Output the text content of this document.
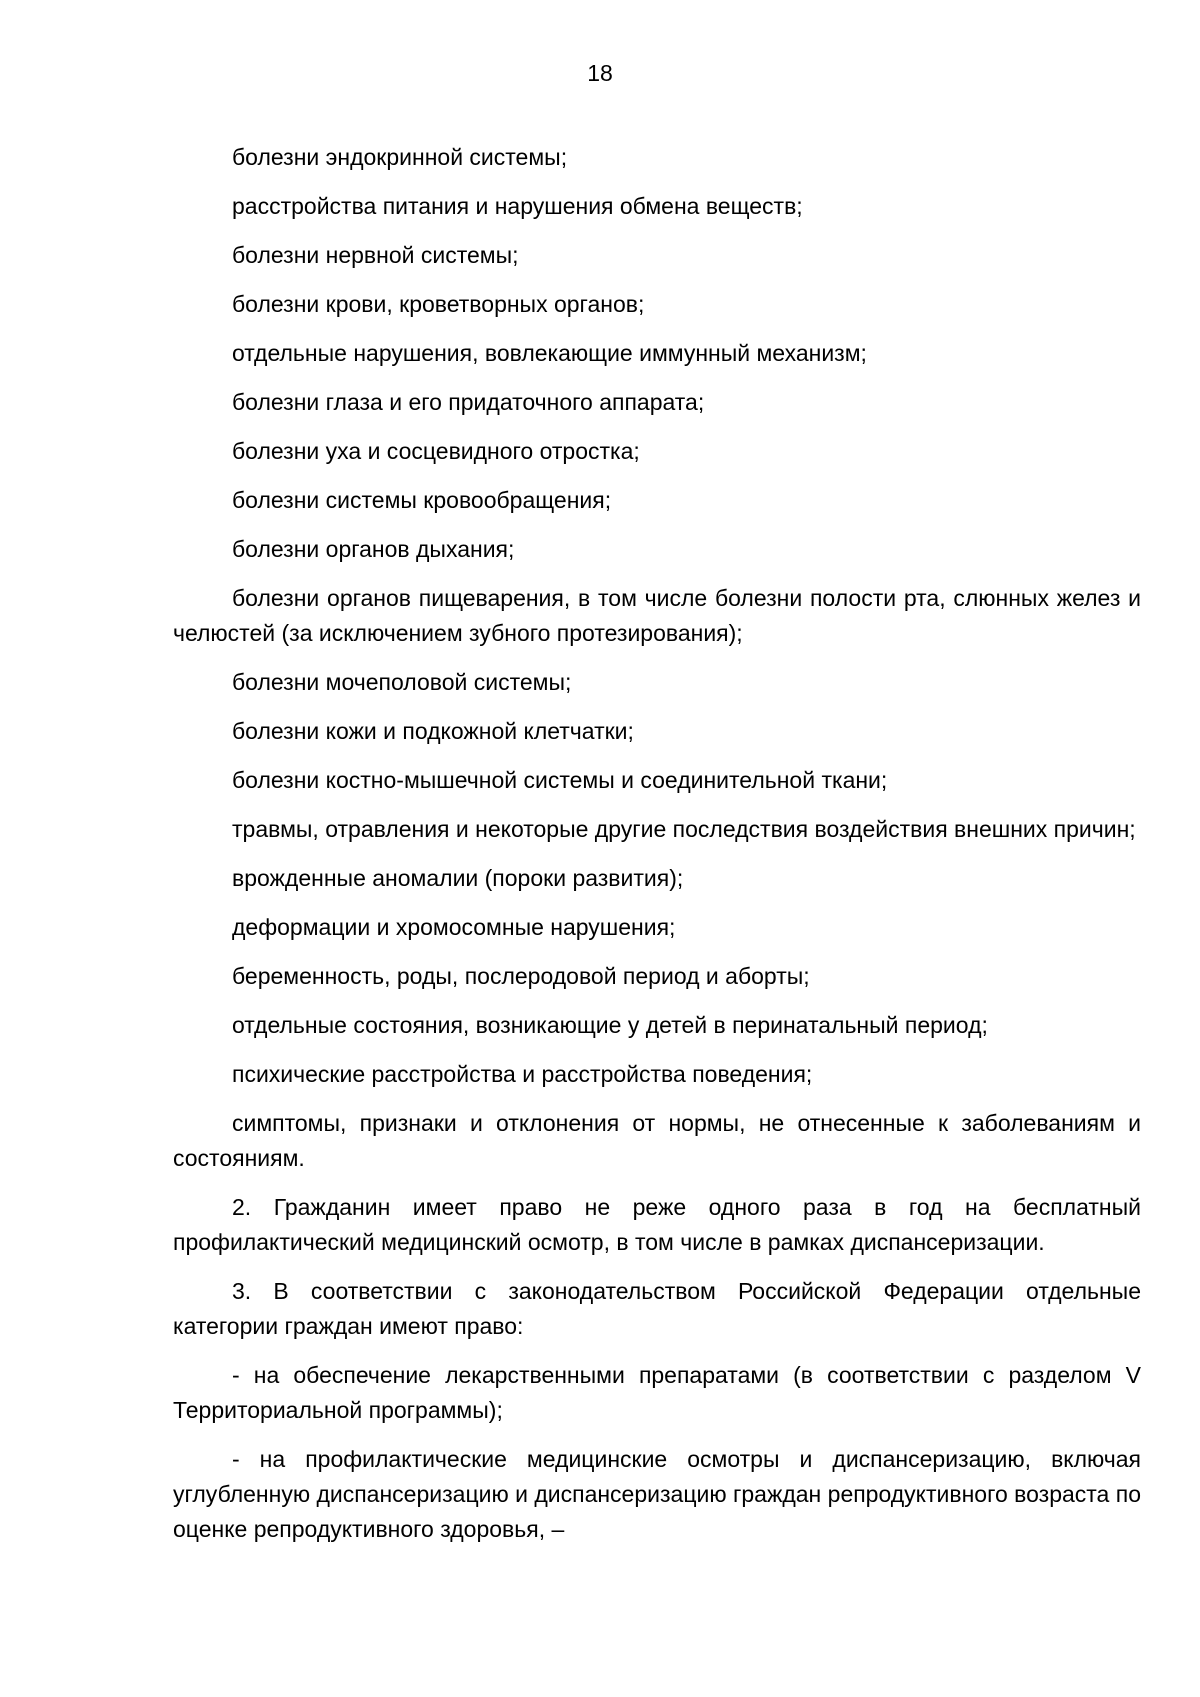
18

болезни эндокринной системы;

расстройства питания и нарушения обмена веществ;

болезни нервной системы;

болезни крови, кроветворных органов;

отдельные нарушения, вовлекающие иммунный механизм;

болезни глаза и его придаточного аппарата;

болезни уха и сосцевидного отростка;

болезни системы кровообращения;

болезни органов дыхания;

болезни органов пищеварения, в том числе болезни полости рта, слюнных желез и челюстей (за исключением зубного протезирования);

болезни мочеполовой системы;

болезни кожи и подкожной клетчатки;

болезни костно-мышечной системы и соединительной ткани;

травмы, отравления и некоторые другие последствия воздействия внешних причин;

врожденные аномалии (пороки развития);

деформации и хромосомные нарушения;

беременность, роды, послеродовой период и аборты;

отдельные состояния, возникающие у детей в перинатальный период;

психические расстройства и расстройства поведения;

симптомы, признаки и отклонения от нормы, не отнесенные к заболеваниям и состояниям.

2. Гражданин имеет право не реже одного раза в год на бесплатный профилактический медицинский осмотр, в том числе в рамках диспансеризации.

3. В соответствии с законодательством Российской Федерации отдельные категории граждан имеют право:

- на обеспечение лекарственными препаратами (в соответствии с разделом V Территориальной программы);

- на профилактические медицинские осмотры и диспансеризацию, включая углубленную диспансеризацию и диспансеризацию граждан репродуктивного возраста по оценке репродуктивного здоровья, –
